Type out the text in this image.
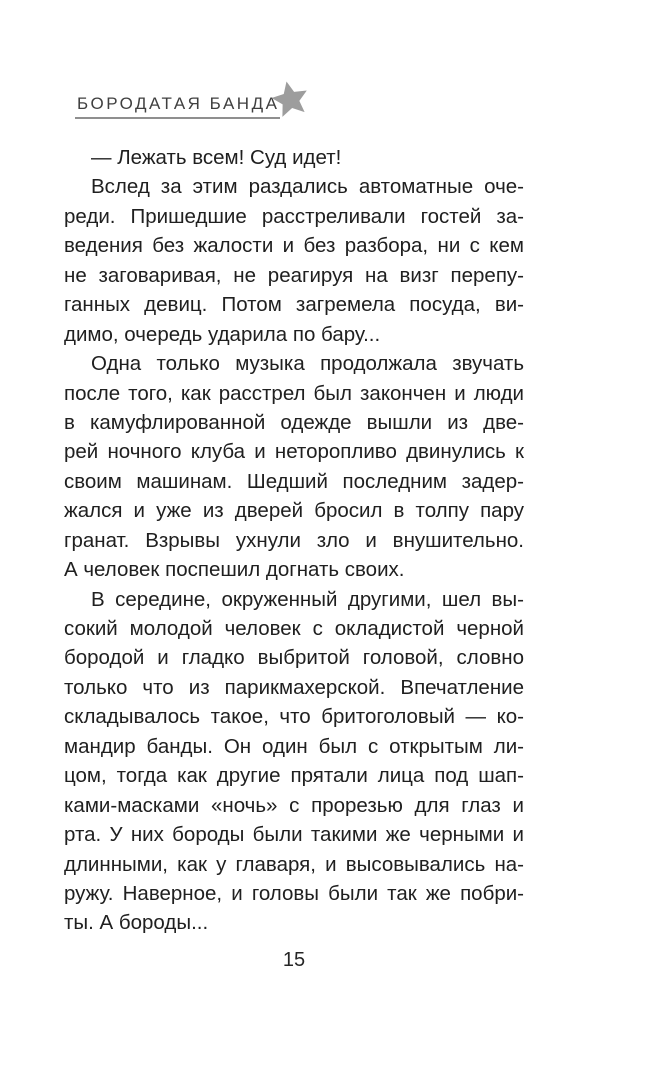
БОРОДАТАЯ БАНДА
— Лежать всем! Суд идет!
Вслед за этим раздались автоматные оче-
реди. Пришедшие расстреливали гостей за-
ведения без жалости и без разбора, ни с кем
не заговаривая, не реагируя на визг перепу-
ганных девиц. Потом загремела посуда, ви-
димо, очередь ударила по бару...
Одна только музыка продолжала звучать
после того, как расстрел был закончен и люди
в камуфлированной одежде вышли из две-
рей ночного клуба и неторопливо двинулись к
своим машинам. Шедший последним задер-
жался и уже из дверей бросил в толпу пару
гранат. Взрывы ухнули зло и внушительно.
А человек поспешил догнать своих.
В середине, окруженный другими, шел вы-
сокий молодой человек с окладистой черной
бородой и гладко выбритой головой, словно
только что из парикмахерской. Впечатление
складывалось такое, что бритоголовый — ко-
мандир банды. Он один был с открытым ли-
цом, тогда как другие прятали лица под шап-
ками-масками «ночь» с прорезью для глаз и
рта. У них бороды были такими же черными и
длинными, как у главаря, и высовывались на-
ружу. Наверное, и головы были так же побри-
ты. А бороды...
15
